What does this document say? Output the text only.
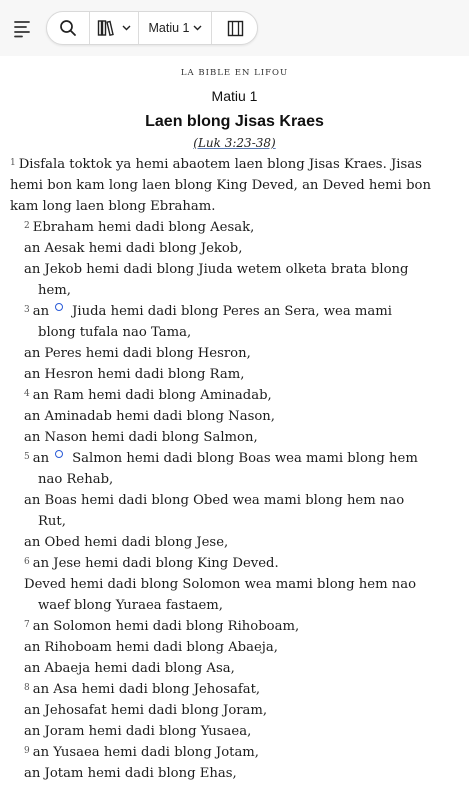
Matiu 1
LA BIBLE EN LIFOU
Matiu 1
Laen blong Jisas Kraes
(Luk 3:23-38)
$^1$ Disfala toktok ya hemi abaotem laen blong Jisas Kraes. Jisas
hemi bon kam long laen blong King Deved, an Deved hemi bon
kam long laen blong Ebraham.
$^2$ Ebraham hemi dadi blong Aesak,
an Aesak hemi dadi blong Jekob,
an Jekob hemi dadi blong Jiuda wetem olketa brata blong
hem,
$^3$ an Jiuda hemi dadi blong Peres an Sera, wea mami
blong tufala nao Tama,
an Peres hemi dadi blong Hesron,
an Hesron hemi dadi blong Ram,
$^4$ an Ram hemi dadi blong Aminadab,
an Aminadab hemi dadi blong Nason,
an Nason hemi dadi blong Salmon,
$^5$ an Salmon hemi dadi blong Boas wea mami blong hem
nao Rehab,
an Boas hemi dadi blong Obed wea mami blong hem nao
Rut,
an Obed hemi dadi blong Jese,
$^6$ an Jese hemi dadi blong King Deved.
Deved hemi dadi blong Solomon wea mami blong hem nao
waef blong Yuraea fastaem,
$^7$ an Solomon hemi dadi blong Rihoboam,
an Rihoboam hemi dadi blong Abaeja,
an Abaeja hemi dadi blong Asa,
$^8$ an Asa hemi dadi blong Jehosafat,
an Jehosafat hemi dadi blong Joram,
an Joram hemi dadi blong Yusaea,
$^9$ an Yusaea hemi dadi blong Jotam,
an Jotam hemi dadi blong Ehas,
